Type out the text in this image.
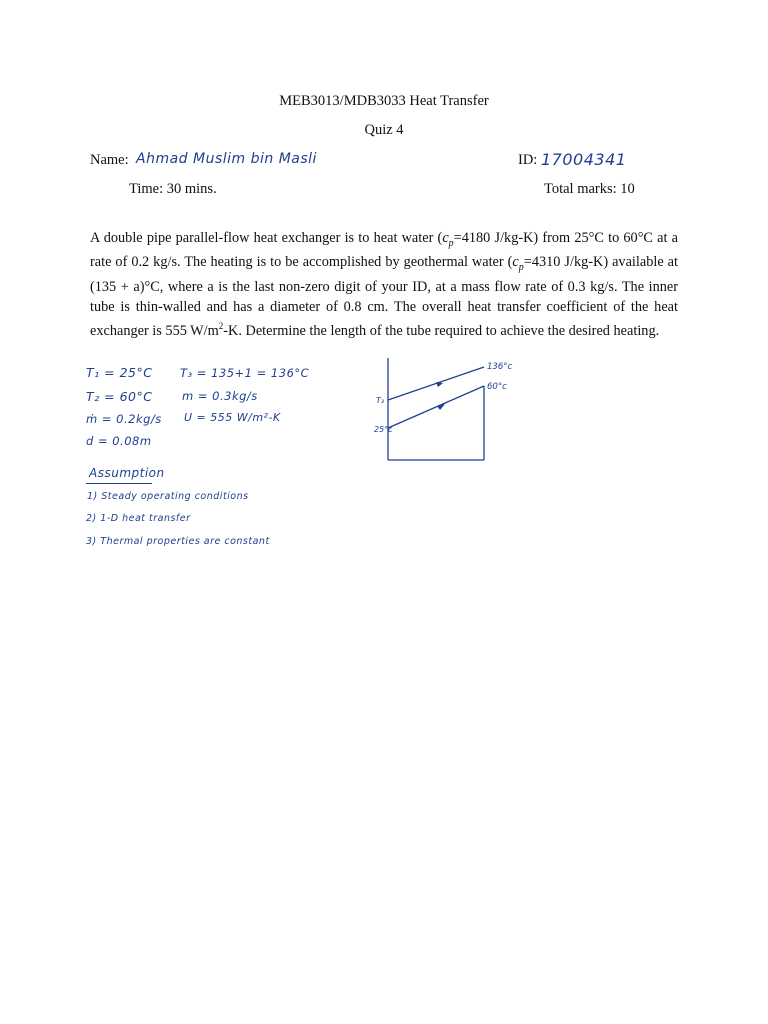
MEB3013/MDB3033 Heat Transfer
Quiz 4
Name: Ahmad Muslim bin Masli	ID: 17004341
Time: 30 mins.	Total marks: 10

A double pipe parallel-flow heat exchanger is to heat water ($c_p=4180$ J/kg-K) from 25°C to 60°C at a rate of 0.2 kg/s. The heating is to be accomplished by geothermal water ($c_p=4310$ J/kg-K) available at (135 + a)°C, where a is the last non-zero digit of your ID, at a mass flow rate of 0.3 kg/s. The inner tube is thin-walled and has a diameter of 0.8 cm. The overall heat transfer coefficient of the heat exchanger is 555 $W/m^2-K$. Determine the length of the tube required to achieve the desired heating.

T₁ = 25°C
T₂ = 60°C
ṁ = 0.2kg/s
d = 0.08m
T₃ = 135+1 = 136°C
m = 0.3kg/s
U = 555 W/m²-K
Assumption
1) Steady operating conditions
2) 1-D heat transfer
3) Thermal properties are constant
136°c
60°c
T₃
25°c
